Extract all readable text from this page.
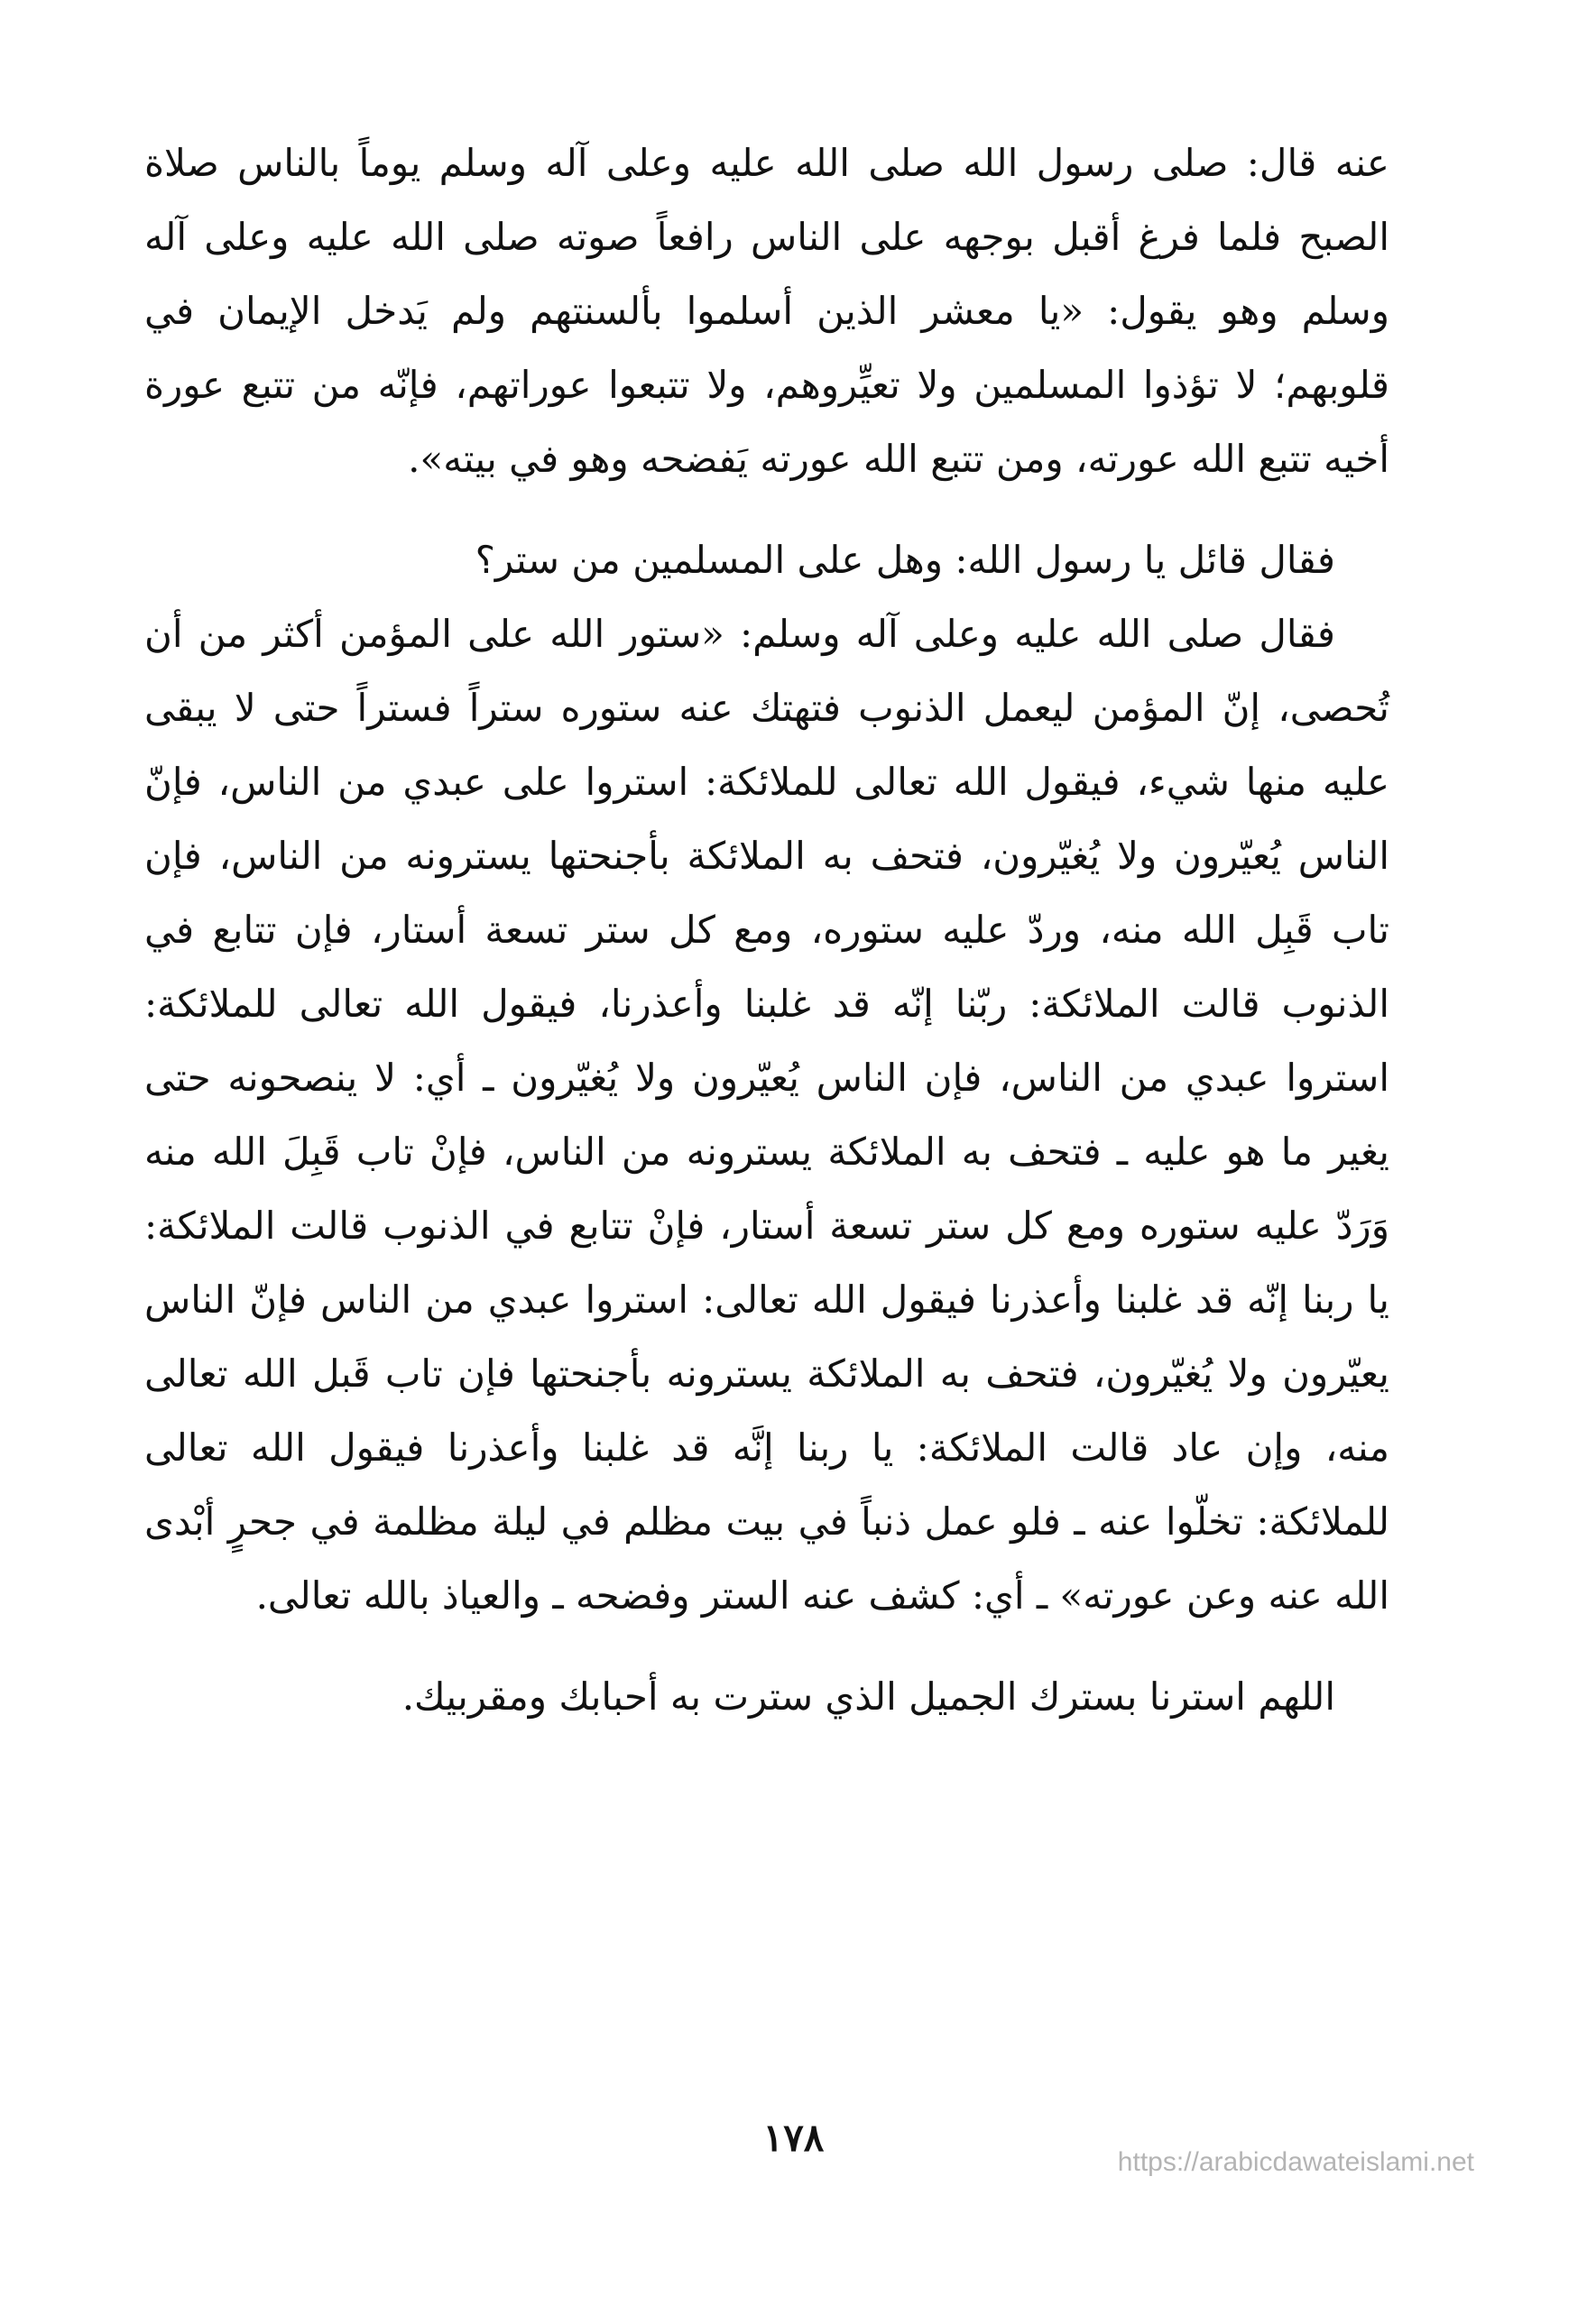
عنه قال: صلى رسول الله صلى الله عليه وعلى آله وسلم يوماً بالناس صلاة الصبح فلما فرغ أقبل بوجهه على الناس رافعاً صوته صلى الله عليه وعلى آله وسلم وهو يقول: «يا معشر الذين أسلموا بألسنتهم ولم يَدخل الإيمان في قلوبهم؛ لا تؤذوا المسلمين ولا تعيِّروهم، ولا تتبعوا عوراتهم، فإنّه من تتبع عورة أخيه تتبع الله عورته، ومن تتبع الله عورته يَفضحه وهو في بيته».

فقال قائل يا رسول الله: وهل على المسلمين من ستر؟

فقال صلى الله عليه وعلى آله وسلم: «ستور الله على المؤمن أكثر من أن تُحصى، إنّ المؤمن ليعمل الذنوب فتهتك عنه ستوره ستراً فستراً حتى لا يبقى عليه منها شيء، فيقول الله تعالى للملائكة: استروا على عبدي من الناس، فإنّ الناس يُعيّرون ولا يُغيّرون، فتحف به الملائكة بأجنحتها يسترونه من الناس، فإن تاب قَبِل الله منه، وردّ عليه ستوره، ومع كل ستر تسعة أستار، فإن تتابع في الذنوب قالت الملائكة: ربّنا إنّه قد غلبنا وأعذرنا، فيقول الله تعالى للملائكة: استروا عبدي من الناس، فإن الناس يُعيّرون ولا يُغيّرون ـ أي: لا ينصحونه حتى يغير ما هو عليه ـ فتحف به الملائكة يسترونه من الناس، فإنْ تاب قَبِلَ الله منه وَرَدّ عليه ستوره ومع كل ستر تسعة أستار، فإنْ تتابع في الذنوب قالت الملائكة: يا ربنا إنّه قد غلبنا وأعذرنا فيقول الله تعالى: استروا عبدي من الناس فإنّ الناس يعيّرون ولا يُغيّرون، فتحف به الملائكة يسترونه بأجنحتها فإن تاب قَبل الله تعالى منه، وإن عاد قالت الملائكة: يا ربنا إنَّه قد غلبنا وأعذرنا فيقول الله تعالى للملائكة: تخلّوا عنه ـ فلو عمل ذنباً في بيت مظلم في ليلة مظلمة في جحرٍ أبْدى الله عنه وعن عورته» ـ أي: كشف عنه الستر وفضحه ـ والعياذ بالله تعالى.

اللهم استرنا بسترك الجميل الذي سترت به أحبابك ومقربيك.

١٧٨
https://arabicdawateislami.net
